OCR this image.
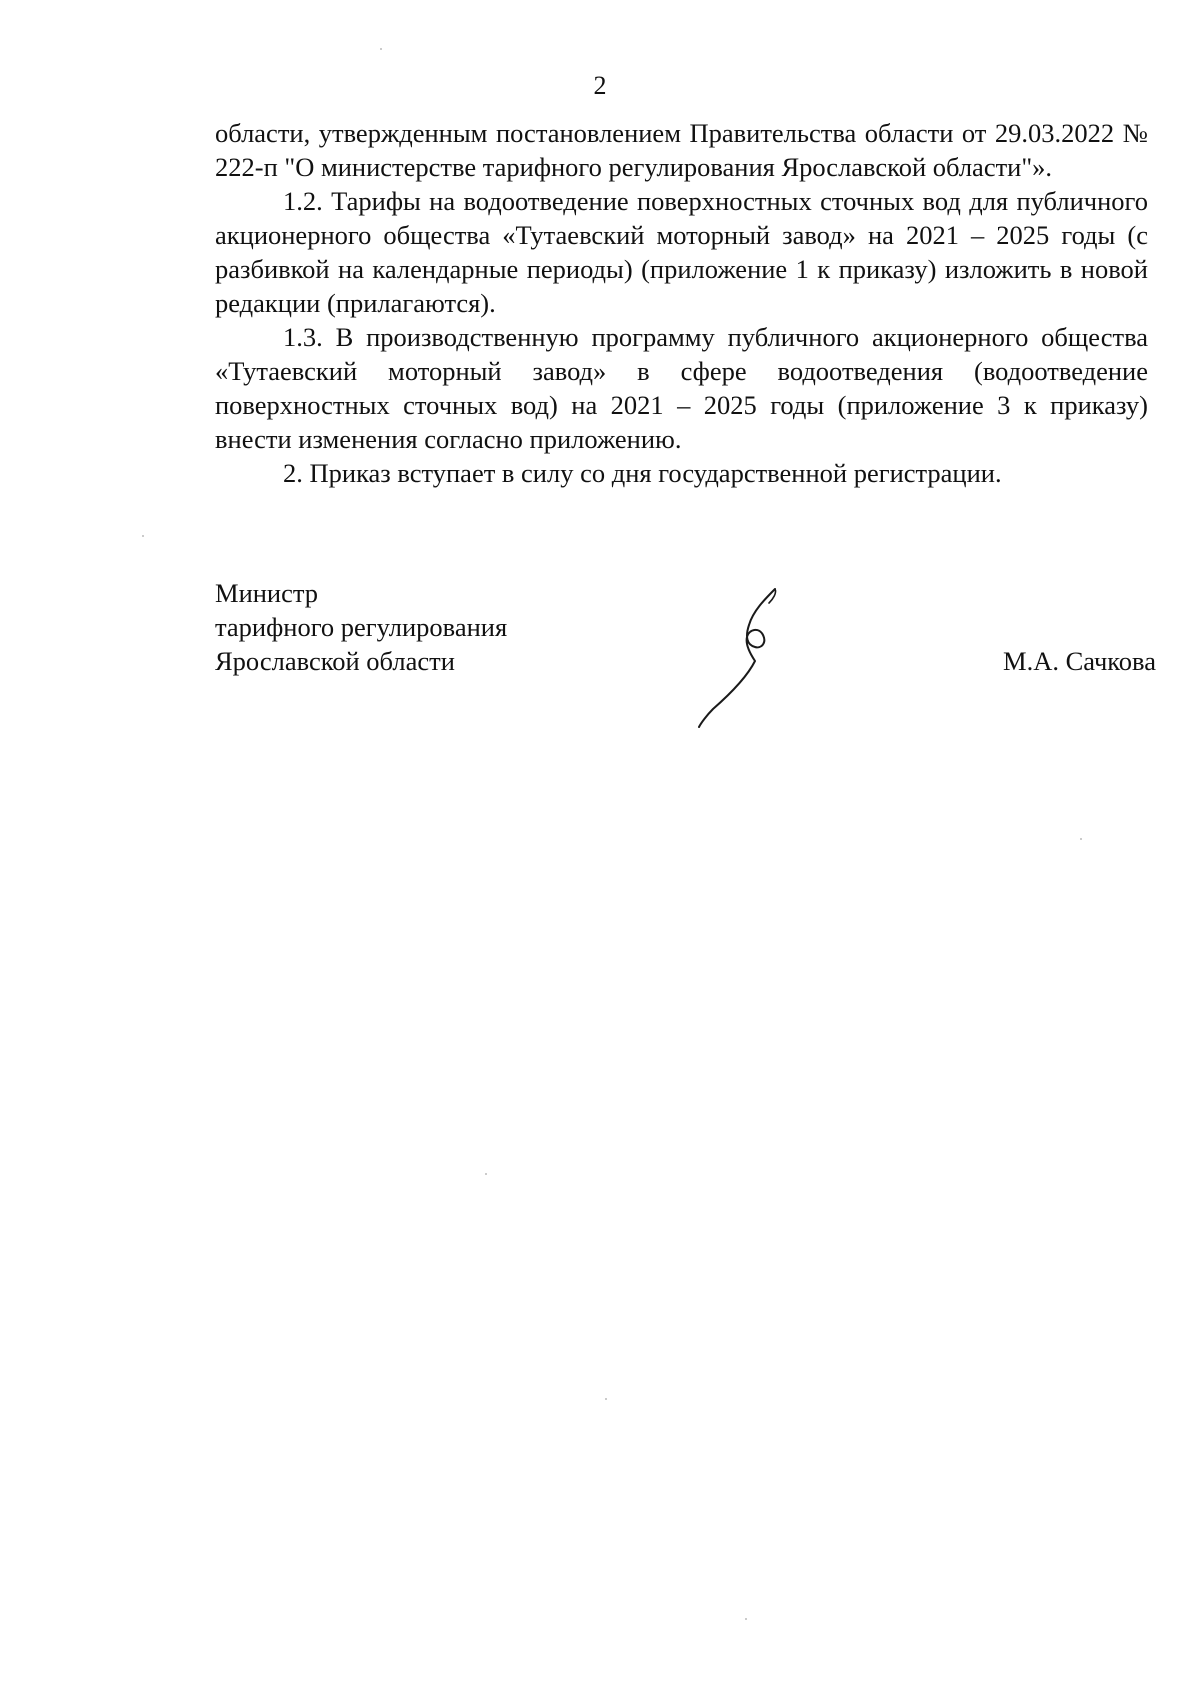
2

области, утвержденным постановлением Правительства области от 29.03.2022 № 222-п "О министерстве тарифного регулирования Ярославской области"».

1.2. Тарифы на водоотведение поверхностных сточных вод для публичного акционерного общества «Тутаевский моторный завод» на 2021 – 2025 годы (с разбивкой на календарные периоды) (приложение 1 к приказу) изложить в новой редакции (прилагаются).

1.3. В производственную программу публичного акционерного общества «Тутаевский моторный завод» в сфере водоотведения (водоотведение поверхностных сточных вод) на 2021 – 2025 годы (приложение 3 к приказу) внести изменения согласно приложению.

2. Приказ вступает в силу со дня государственной регистрации.

Министр
тарифного регулирования
Ярославской области	М.А. Сачкова
